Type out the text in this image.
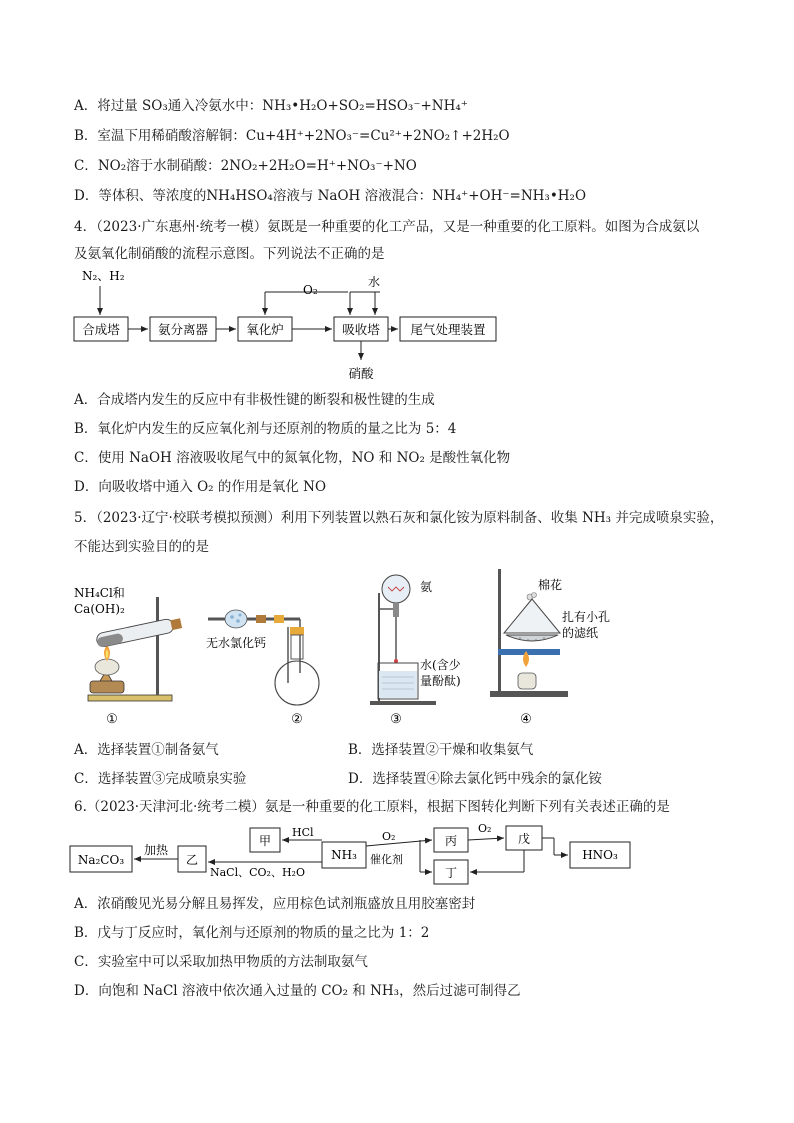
A．将过量 SO₃通入冷氨水中：NH₃•H₂O+SO₂=HSO₃⁻+NH₄⁺
B．室温下用稀硝酸溶解铜：Cu+4H⁺+2NO₃⁻=Cu²⁺+2NO₂↑+2H₂O
C．NO₂溶于水制硝酸：2NO₂+2H₂O=H⁺+NO₃⁻+NO
D．等体积、等浓度的NH₄HSO₄溶液与 NaOH 溶液混合：NH₄⁺+OH⁻=NH₃•H₂O
4．（2023·广东惠州·统考一模）氨既是一种重要的化工产品，又是一种重要的化工原料。如图为合成氨以
及氨氧化制硝酸的流程示意图。下列说法不正确的是
N₂、H₂
. O₂
水
合成塔	氨分离器	氧化炉	吸收塔 尾气处理装置
硝酸
A．合成塔内发生的反应中有非极性键的断裂和极性键的生成
B．氧化炉内发生的反应氧化剂与还原剂的物质的量之比为 5：4
C．使用 NaOH 溶液吸收尾气中的氮氧化物，NO 和 NO₂ 是酸性氧化物
D．向吸收塔中通入 O₂ 的作用是氧化 NO
5．（2023·辽宁·校联考模拟预测）利用下列装置以熟石灰和氯化铵为原料制备、收集 NH₃ 并完成喷泉实验，
不能达到实验目的的是
NH₄Cl和
Ca(OH)₂
①
无水氯化钙
②
氨
水(含少
量酚酞)
③
棉花
扎有小孔
的滤纸
④
A．选择装置①制备氨气	B．选择装置②干燥和收集氨气
C．选择装置③完成喷泉实验	D．选择装置④除去氯化钙中残余的氯化铵
6.（2023·天津河北·统考二模）氨是一种重要的化工原料，根据下图转化判断下列有关表述正确的是
Na₂CO₃
加热
乙
NaCl、CO₂、H₂O
甲
HCl
NH₃
O₂
催化剂
丙
O₂
戊
丁
HNO₃
A．浓硝酸见光易分解且易挥发，应用棕色试剂瓶盛放且用胶塞密封
B．戊与丁反应时，氧化剂与还原剂的物质的量之比为 1：2
C．实验室中可以采取加热甲物质的方法制取氨气
D．向饱和 NaCl 溶液中依次通入过量的 CO₂ 和 NH₃，然后过滤可制得乙
